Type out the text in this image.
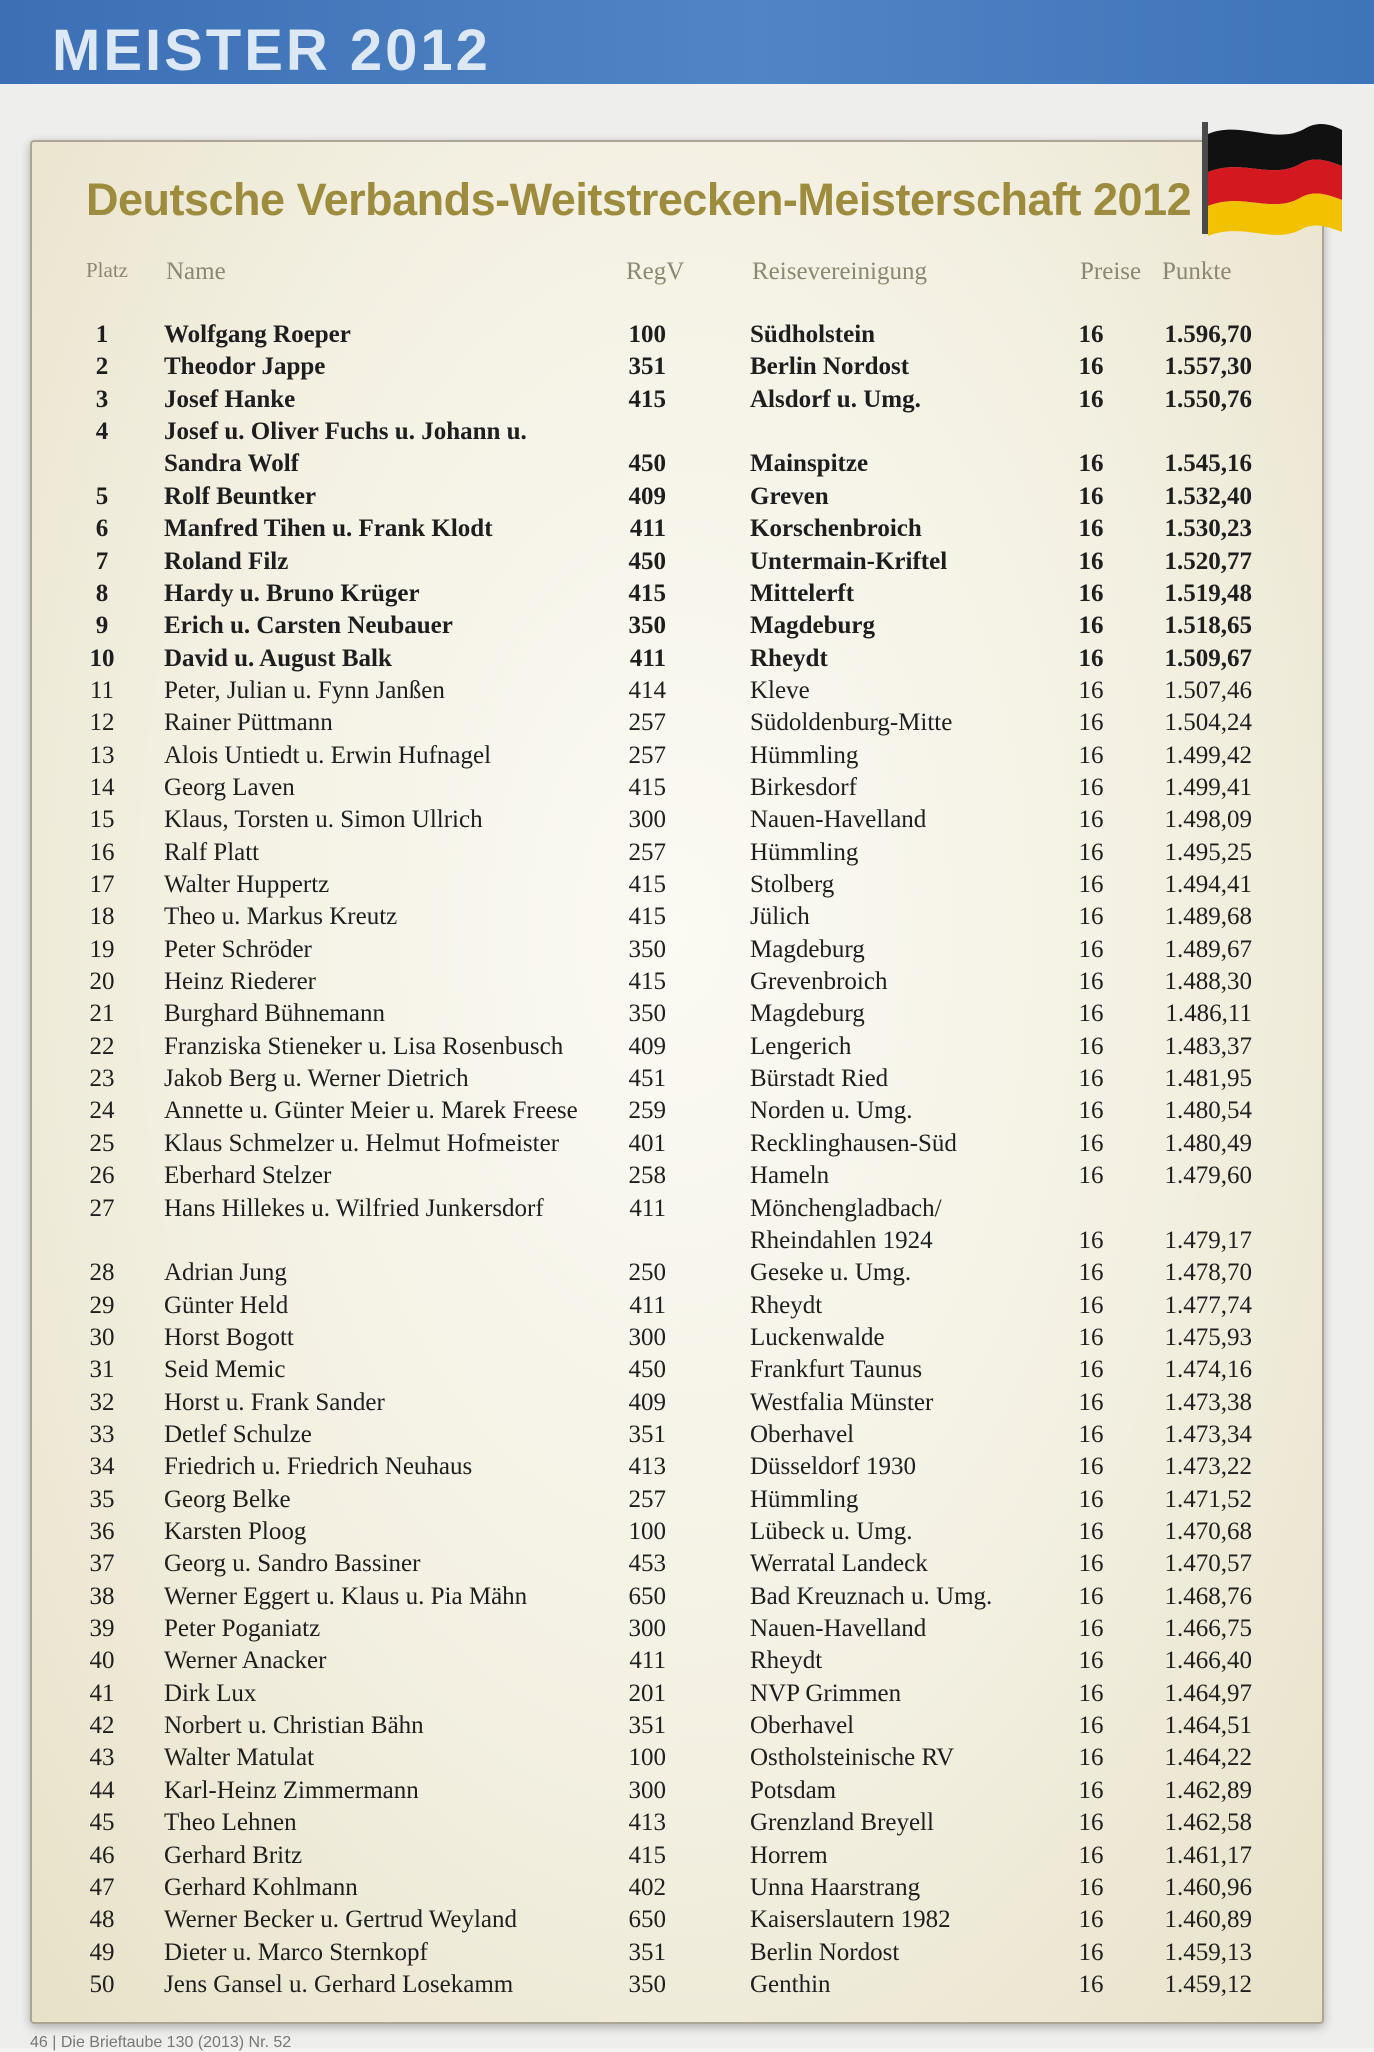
MEISTER 2012
Deutsche Verbands-Weitstrecken-Meisterschaft 2012
Platz Name	RegV	Reisevereinigung	Preise Punkte
1	Wolfgang Roeper	100	Südholstein	16	1.596,70
2	Theodor Jappe	351	Berlin Nordost	16	1.557,30
3	Josef Hanke	415	Alsdorf u. Umg.	16	1.550,76
4	Josef u. Oliver Fuchs u. Johann u.
Sandra Wolf	450	Mainspitze	16	1.545,16
5	Rolf Beuntker	409	Greven	16	1.532,40
6	Manfred Tihen u. Frank Klodt	411	Korschenbroich	16	1.530,23
7	Roland Filz	450	Untermain-Kriftel	16	1.520,77
8	Hardy u. Bruno Krüger	415	Mittelerft	16	1.519,48
9	Erich u. Carsten Neubauer	350	Magdeburg	16	1.518,65
10	David u. August Balk	411	Rheydt	16	1.509,67
11	Peter, Julian u. Fynn Janßen	414	Kleve	16	1.507,46
12	Rainer Püttmann	257	Südoldenburg-Mitte	16	1.504,24
13	Alois Untiedt u. Erwin Hufnagel	257	Hümmling	16	1.499,42
14	Georg Laven	415	Birkesdorf	16	1.499,41
15	Klaus, Torsten u. Simon Ullrich	300	Nauen-Havelland	16	1.498,09
16	Ralf Platt	257	Hümmling	16	1.495,25
17	Walter Huppertz	415	Stolberg	16	1.494,41
18	Theo u. Markus Kreutz	415	Jülich	16	1.489,68
19	Peter Schröder	350	Magdeburg	16	1.489,67
20	Heinz Riederer	415	Grevenbroich	16	1.488,30
21	Burghard Bühnemann	350	Magdeburg	16	1.486,11
22	Franziska Stieneker u. Lisa Rosenbusch	409	Lengerich	16	1.483,37
23	Jakob Berg u. Werner Dietrich	451	Bürstadt Ried	16	1.481,95
24	Annette u. Günter Meier u. Marek Freese	259	Norden u. Umg.	16	1.480,54
25	Klaus Schmelzer u. Helmut Hofmeister	401	Recklinghausen-Süd	16	1.480,49
26	Eberhard Stelzer	258	Hameln	16	1.479,60
27	Hans Hillekes u. Wilfried Junkersdorf	411	Mönchengladbach/
Rheindahlen 1924	16	1.479,17
28	Adrian Jung	250	Geseke u. Umg.	16	1.478,70
29	Günter Held	411	Rheydt	16	1.477,74
30	Horst Bogott	300	Luckenwalde	16	1.475,93
31	Seid Memic	450	Frankfurt Taunus	16	1.474,16
32	Horst u. Frank Sander	409	Westfalia Münster	16	1.473,38
33	Detlef Schulze	351	Oberhavel	16	1.473,34
34	Friedrich u. Friedrich Neuhaus	413	Düsseldorf 1930	16	1.473,22
35	Georg Belke	257	Hümmling	16	1.471,52
36	Karsten Ploog	100	Lübeck u. Umg.	16	1.470,68
37	Georg u. Sandro Bassiner	453	Werratal Landeck	16	1.470,57
38	Werner Eggert u. Klaus u. Pia Mähn	650	Bad Kreuznach u. Umg.	16	1.468,76
39	Peter Poganiatz	300	Nauen-Havelland	16	1.466,75
40	Werner Anacker	411	Rheydt	16	1.466,40
41	Dirk Lux	201	NVP Grimmen	16	1.464,97
42	Norbert u. Christian Bähn	351	Oberhavel	16	1.464,51
43	Walter Matulat	100	Ostholsteinische RV	16	1.464,22
44	Karl-Heinz Zimmermann	300	Potsdam	16	1.462,89
45	Theo Lehnen	413	Grenzland Breyell	16	1.462,58
46	Gerhard Britz	415	Horrem	16	1.461,17
47	Gerhard Kohlmann	402	Unna Haarstrang	16	1.460,96
48	Werner Becker u. Gertrud Weyland	650	Kaiserslautern 1982	16	1.460,89
49	Dieter u. Marco Sternkopf	351	Berlin Nordost	16	1.459,13
50	Jens Gansel u. Gerhard Losekamm	350	Genthin	16	1.459,12
46 | Die Brieftaube 130 (2013) Nr. 52
